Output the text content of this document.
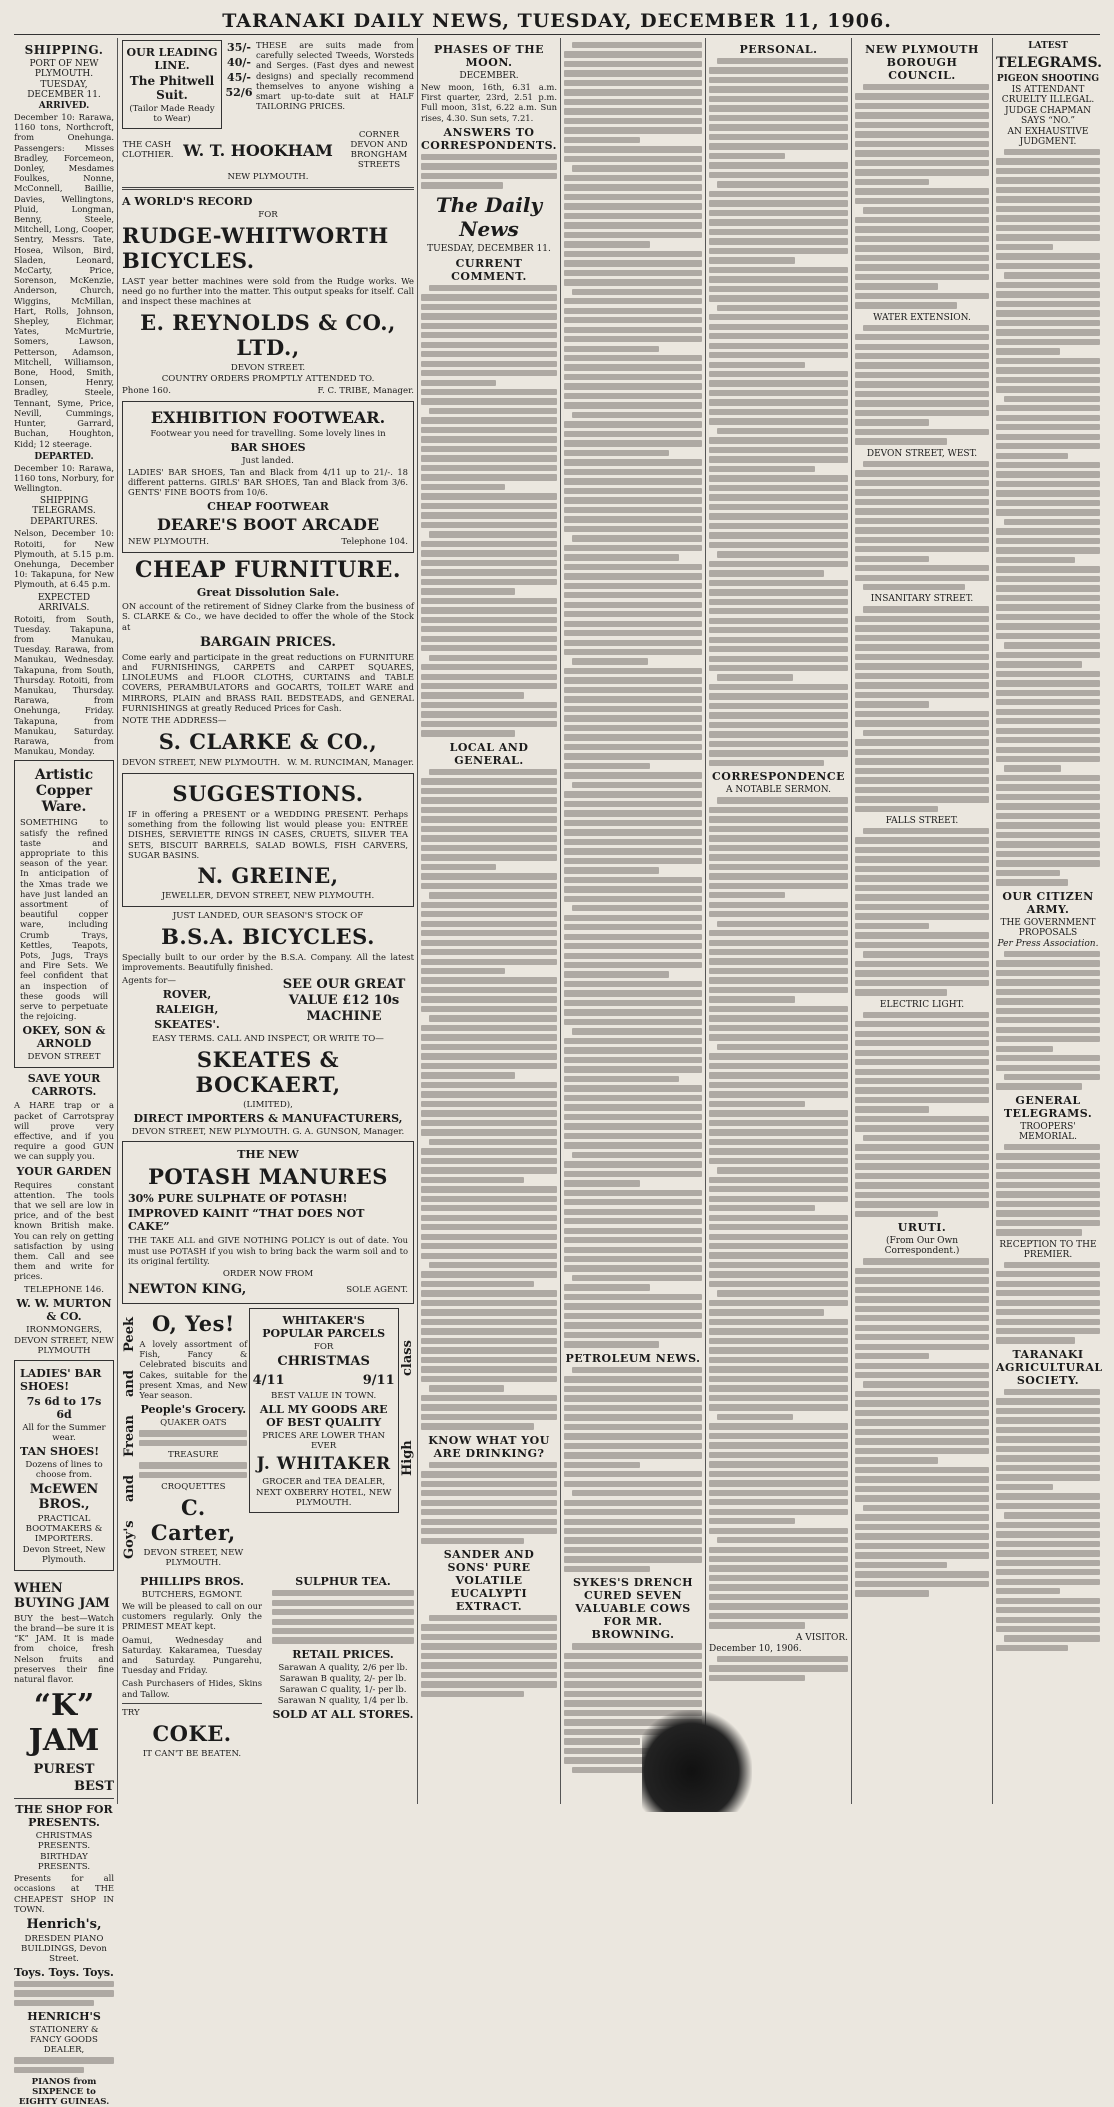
TARANAKI DAILY NEWS, TUESDAY, DECEMBER 11, 1906.
SHIPPING.
PORT OF NEW PLYMOUTH.
TUESDAY, DECEMBER 11.
ARRIVED.
December 10: Rarawa, 1160 tons, Northcroft, from Onehunga. Passengers: Misses Bradley, Forcemeon, Donley, Mesdames Foulkes, Nonne, McConnell, Baillie, Davies, Wellingtons, Pluid, Longman, Benny, Steele, Mitchell, Long, Cooper, Sentry, Messrs. Tate, Hosea, Wilson, Bird, Sladen, Leonard, McCarty, Price, Sorenson, McKenzie, Anderson, Church, Wiggins, McMillan, Hart, Rolls, Johnson, Shepley, Eichmar, Yates, McMurtrie, Somers, Lawson, Petterson, Adamson, Mitchell, Williamson, Bone, Hood, Smith, Lonsen, Henry, Bradley, Steele, Tennant, Syme, Price, Nevill, Cummings, Hunter, Garrard, Buchan, Houghton, Kidd; 12 steerage.
DEPARTED.
December 10: Rarawa, 1160 tons, Norbury, for Wellington.
SHIPPING TELEGRAMS.
DEPARTURES.
Nelson, December 10: Rotoiti, for New Plymouth, at 5.15 p.m. Onehunga, December 10: Takapuna, for New Plymouth, at 6.45 p.m.
EXPECTED ARRIVALS.
Rotoiti, from South, Tuesday. Takapuna, from Manukau, Tuesday. Rarawa, from Manukau, Wednesday. Takapuna, from South, Thursday. Rotoiti, from Manukau, Thursday. Rarawa, from Onehunga, Friday. Takapuna, from Manukau, Saturday. Rarawa, from Manukau, Monday.
Artistic Copper Ware.
SOMETHING to satisfy the refined taste and appropriate to this season of the year. In anticipation of the Xmas trade we have just landed an assortment of beautiful copper ware, including Crumb Trays, Kettles, Teapots, Pots, Jugs, Trays and Fire Sets. We feel confident that an inspection of these goods will serve to perpetuate the rejoicing.
OKEY, SON & ARNOLD
DEVON STREET
SAVE YOUR CARROTS.
A HARE trap or a packet of Carrotspray will prove very effective, and if you require a good GUN we can supply you.
YOUR GARDEN
Requires constant attention. The tools that we sell are low in price, and of the best known British make. You can rely on getting satisfaction by using them. Call and see them and write for prices.
TELEPHONE 146.
W. W. MURTON & CO.
IRONMONGERS,
DEVON STREET, NEW PLYMOUTH
LADIES' BAR SHOES!
7s 6d to 17s 6d
All for the Summer wear.
TAN SHOES!
Dozens of lines to choose from.
McEWEN BROS.,
PRACTICAL BOOTMAKERS & IMPORTERS.
Devon Street, New Plymouth.
WHEN BUYING JAM
BUY the best—Watch the brand—be sure it is “K” JAM. It is made from choice, fresh Nelson fruits and preserves their fine natural flavor.
“K” JAM
PUREST
BEST
THE SHOP FOR PRESENTS.
CHRISTMAS PRESENTS.
BIRTHDAY PRESENTS.
Presents for all occasions at THE CHEAPEST SHOP IN TOWN.
Henrich's,
DRESDEN PIANO BUILDINGS, Devon Street.
Toys. Toys. Toys.
HENRICH'S
STATIONERY & FANCY GOODS DEALER,
PIANOS from SIXPENCE to EIGHTY GUINEAS.
OUR LEADING LINE.
The Phitwell Suit.
(Tailor Made Ready to Wear)
35/-
40/-
45/-
52/6
THESE are suits made from carefully selected Tweeds, Worsteds and Serges. (Fast dyes and newest designs) and specially recommend themselves to anyone wishing a smart up-to-date suit at HALF TAILORING PRICES.
THE CASH CLOTHIER. W. T. HOOKHAM
CORNER DEVON AND BRONGHAM STREETS
NEW PLYMOUTH.
A WORLD'S RECORD
FOR
RUDGE-WHITWORTH BICYCLES.
LAST year better machines were sold from the Rudge works. We need go no further into the matter. This output speaks for itself. Call and inspect these machines at
E. REYNOLDS & CO., LTD.,
DEVON STREET.
COUNTRY ORDERS PROMPTLY ATTENDED TO.
Phone 160.	F. C. TRIBE, Manager.
EXHIBITION FOOTWEAR.
Footwear you need for travelling. Some lovely lines in
BAR SHOES
Just landed.
LADIES' BAR SHOES, Tan and Black from 4/11 up to 21/-. 18 different patterns. GIRLS' BAR SHOES, Tan and Black from 3/6. GENTS' FINE BOOTS from 10/6.
CHEAP FOOTWEAR
DEARE'S BOOT ARCADE
NEW PLYMOUTH.	Telephone 104.
CHEAP FURNITURE.
Great Dissolution Sale.
ON account of the retirement of Sidney Clarke from the business of S. CLARKE & Co., we have decided to offer the whole of the Stock at
BARGAIN PRICES.
Come early and participate in the great reductions on FURNITURE and FURNISHINGS, CARPETS and CARPET SQUARES, LINOLEUMS and FLOOR CLOTHS, CURTAINS and TABLE COVERS, PERAMBULATORS and GOCARTS, TOILET WARE and MIRRORS, PLAIN and BRASS RAIL BEDSTEADS, and GENERAL FURNISHINGS at greatly Reduced Prices for Cash.
NOTE THE ADDRESS—
S. CLARKE & CO.,
DEVON STREET, NEW PLYMOUTH. W. M. RUNCIMAN, Manager.
SUGGESTIONS.
IF in offering a PRESENT or a WEDDING PRESENT. Perhaps something from the following list would please you: ENTREE DISHES, SERVIETTE RINGS IN CASES, CRUETS, SILVER TEA SETS, BISCUIT BARRELS, SALAD BOWLS, FISH CARVERS, SUGAR BASINS.
N. GREINE,
JEWELLER, DEVON STREET, NEW PLYMOUTH.
JUST LANDED, OUR SEASON'S STOCK OF
B.S.A. BICYCLES.
Specially built to our order by the B.S.A. Company. All the latest improvements. Beautifully finished.
Agents for—
ROVER,
RALEIGH,
SKEATES'.
SEE OUR GREAT VALUE £12 10s MACHINE
EASY TERMS. CALL AND INSPECT, OR WRITE TO—
SKEATES & BOCKAERT,
(LIMITED),
DIRECT IMPORTERS & MANUFACTURERS,
DEVON STREET, NEW PLYMOUTH. G. A. GUNSON, Manager.
THE NEW
POTASH MANURES
30% PURE SULPHATE OF POTASH!
IMPROVED KAINIT “THAT DOES NOT CAKE”
THE TAKE ALL and GIVE NOTHING POLICY is out of date. You must use POTASH if you wish to bring back the warm soil and to its original fertility.
ORDER NOW FROM
NEWTON KING,	SOLE AGENT.
Goy's
and
Frean
and
Peek O, Yes!
A lovely assortment of Fish, Fancy & Celebrated biscuits and Cakes, suitable for the present Xmas, and New Year season.
People's Grocery.
QUAKER OATS
TREASURE
CROQUETTES
C. Carter,
DEVON STREET, NEW PLYMOUTH.
WHITAKER'S POPULAR PARCELS
FOR
CHRISTMAS
4/11	9/11
BEST VALUE IN TOWN.
ALL MY GOODS ARE OF BEST QUALITY
PRICES ARE LOWER THAN EVER
J. WHITAKER
GROCER and TEA DEALER,
NEXT OXBERRY HOTEL, NEW PLYMOUTH.
High
class
PHILLIPS BROS.
BUTCHERS, EGMONT.
We will be pleased to call on our customers regularly. Only the PRIMEST MEAT kept.
Oamui, Wednesday and Saturday. Kakaramea, Tuesday and Saturday. Pungarehu, Tuesday and Friday.
Cash Purchasers of Hides, Skins and Tallow.
TRY
COKE.
IT CAN'T BE BEATEN.
SULPHUR TEA.
RETAIL PRICES.
Sarawan A quality, 2/6 per lb.
Sarawan B quality, 2/- per lb.
Sarawan C quality, 1/- per lb.
Sarawan N quality, 1/4 per lb.
SOLD AT ALL STORES.
PHASES OF THE MOON.
DECEMBER.
New moon, 16th, 6.31 a.m. First quarter, 23rd, 2.51 p.m. Full moon, 31st, 6.22 a.m. Sun rises, 4.30. Sun sets, 7.21.
ANSWERS TO CORRESPONDENTS.
The Daily News
TUESDAY, DECEMBER 11.
CURRENT COMMENT.
LOCAL AND GENERAL.
KNOW WHAT YOU ARE DRINKING?
SANDER AND SONS' PURE VOLATILE EUCALYPTI EXTRACT.
PETROLEUM NEWS.
SYKES'S DRENCH CURED SEVEN VALUABLE COWS FOR MR. BROWNING.
PERSONAL.
CORRESPONDENCE
A NOTABLE SERMON.
A VISITOR.
December 10, 1906.
NEW PLYMOUTH BOROUGH COUNCIL.
WATER EXTENSION.
DEVON STREET, WEST.
INSANITARY STREET.
FALLS STREET.
ELECTRIC LIGHT.
URUTI.
(From Our Own Correspondent.)
LATEST
TELEGRAMS.
PIGEON SHOOTING
IS ATTENDANT CRUELTY ILLEGAL.
JUDGE CHAPMAN SAYS “NO.”
AN EXHAUSTIVE JUDGMENT.
OUR CITIZEN ARMY.
THE GOVERNMENT PROPOSALS
Per Press Association.
GENERAL TELEGRAMS.
TROOPERS' MEMORIAL.
RECEPTION TO THE PREMIER.
TARANAKI AGRICULTURAL SOCIETY.
